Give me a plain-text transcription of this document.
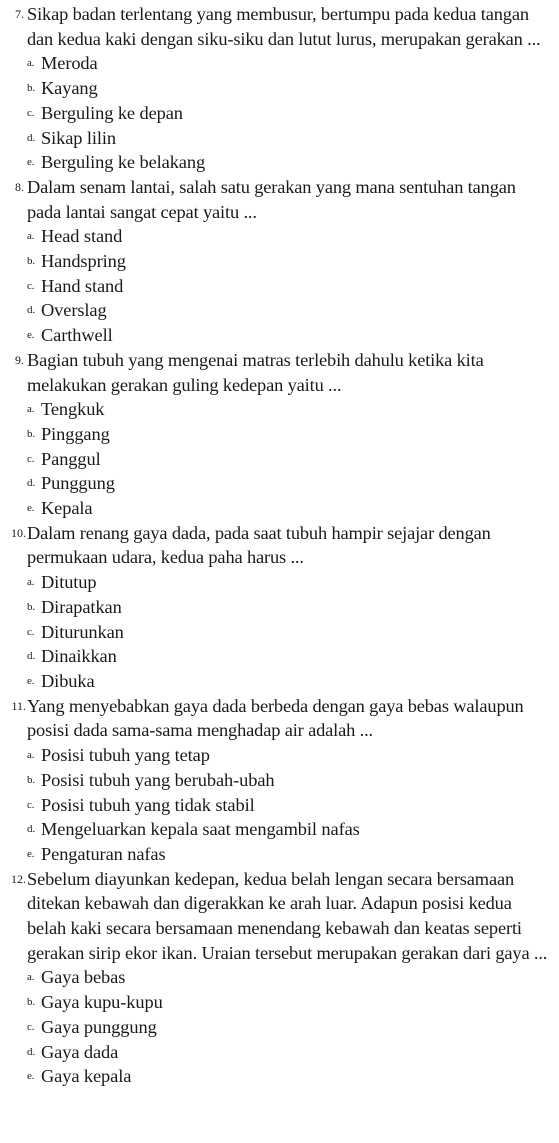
7. Sikap badan terlentang yang membusur, bertumpu pada kedua tangan dan kedua kaki dengan siku-siku dan lutut lurus, merupakan gerakan ...
a. Meroda
b. Kayang
c. Berguling ke depan
d. Sikap lilin
e. Berguling ke belakang
8. Dalam senam lantai, salah satu gerakan yang mana sentuhan tangan pada lantai sangat cepat yaitu ...
a. Head stand
b. Handspring
c. Hand stand
d. Overslag
e. Carthwell
9. Bagian tubuh yang mengenai matras terlebih dahulu ketika kita melakukan gerakan guling kedepan yaitu ...
a. Tengkuk
b. Pinggang
c. Panggul
d. Punggung
e. Kepala
10. Dalam renang gaya dada, pada saat tubuh hampir sejajar dengan permukaan udara, kedua paha harus ...
a. Ditutup
b. Dirapatkan
c. Diturunkan
d. Dinaikkan
e. Dibuka
11. Yang menyebabkan gaya dada berbeda dengan gaya bebas walaupun posisi dada sama-sama menghadap air adalah ...
a. Posisi tubuh yang tetap
b. Posisi tubuh yang berubah-ubah
c. Posisi tubuh yang tidak stabil
d. Mengeluarkan kepala saat mengambil nafas
e. Pengaturan nafas
12. Sebelum diayunkan kedepan, kedua belah lengan secara bersamaan ditekan kebawah dan digerakkan ke arah luar. Adapun posisi kedua belah kaki secara bersamaan menendang kebawah dan keatas seperti gerakan sirip ekor ikan. Uraian tersebut merupakan gerakan dari gaya ...
a. Gaya bebas
b. Gaya kupu-kupu
c. Gaya punggung
d. Gaya dada
e. Gaya kepala
